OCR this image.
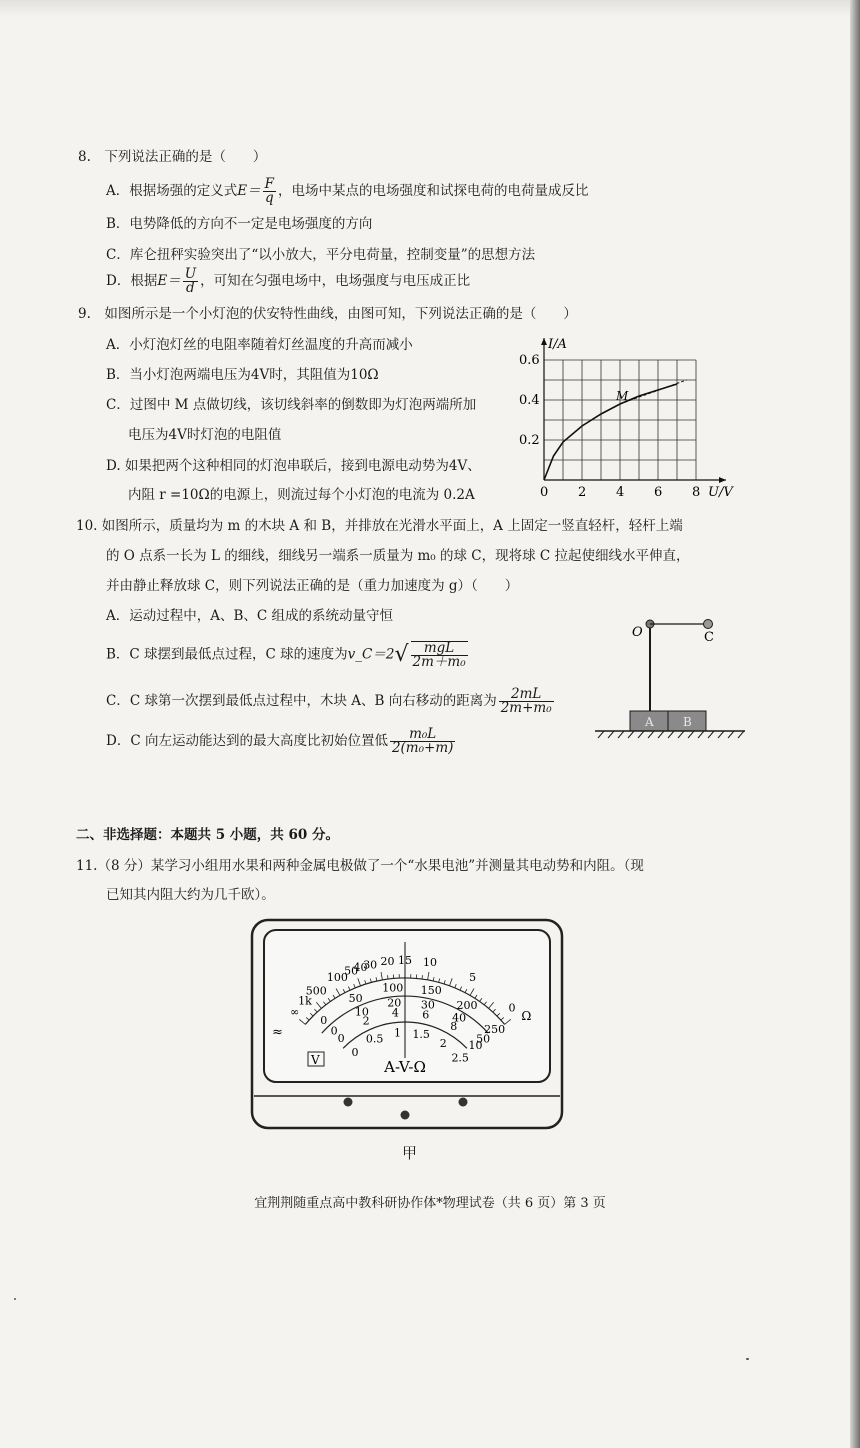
8.　下列说法正确的是（　　）
A．根据场强的定义式$E= \frac{F}{q}$ ，电场中某点的电场强度和试探电荷的电荷量成反比
B．电势降低的方向不一定是电场强度的方向
C．库仑扭秤实验突出了“以小放大，平分电荷量，控制变量”的思想方法
D．根据$E= \frac{U}{d}$ ，可知在匀强电场中，电场强度与电压成正比
9.　如图所示是一个小灯泡的伏安特性曲线，由图可知，下列说法正确的是（　　）
A．小灯泡灯丝的电阻率随着灯丝温度的升高而减小
B．当小灯泡两端电压为4V时，其阻值为10Ω
C．过图中 M 点做切线，该切线斜率的倒数即为灯泡两端所加
电压为4V时灯泡的电阻值
D. 如果把两个这种相同的灯泡串联后，接到电源电动势为4V、
内阻 r =10Ω的电源上，则流过每个小灯泡的电流为 0.2A	0 2 4 6 8
0.2
0.4
0.6
I/A
U/V
M
10. 如图所示，质量均为 m 的木块 A 和 B，并排放在光滑水平面上，A 上固定一竖直轻杆，轻杆上端
的 O 点系一长为 L 的细线，细线另一端系一质量为 m₀ 的球 C，现将球 C 拉起使细线水平伸直，
并由静止释放球 C，则下列说法正确的是（重力加速度为 g）（　　）
A．运动过程中，A、B、C 组成的系统动量守恒
B．C 球摆到最低点过程，C 球的速度为v_C＝2√ $\frac{\text{mgL}}{\text{2m＋m₀}}$
C．C 球第一次摆到最低点过程中，木块 A、B 向右移动的距离为 $\frac{2mL}{\text{2m+m₀}}$
D．C 向左运动能达到的最大高度比初始位置低 $\frac{\text{m₀L}}{\text{2(m₀+m)}}$
O	C
A B
二、非选择题：本题共 5 小题，共 60 分。
11.（8 分）某学习小组用水果和两种金属电极做了一个“水果电池”并测量其电动势和内阻。（现
已知其内阻大约为几千欧）。
∞
1k
500
100
50
40
30 20 15 10
5
0
Ω
0
50
100 150
200
250
0
10
20 30
40
50
0
2
4 6
8
10
0
0.5 1 1.5
2
2.5
≈
V	A-V-Ω
甲
宜荆荆随重点高中教科研协作体*物理试卷（共 6 页）第 3 页
